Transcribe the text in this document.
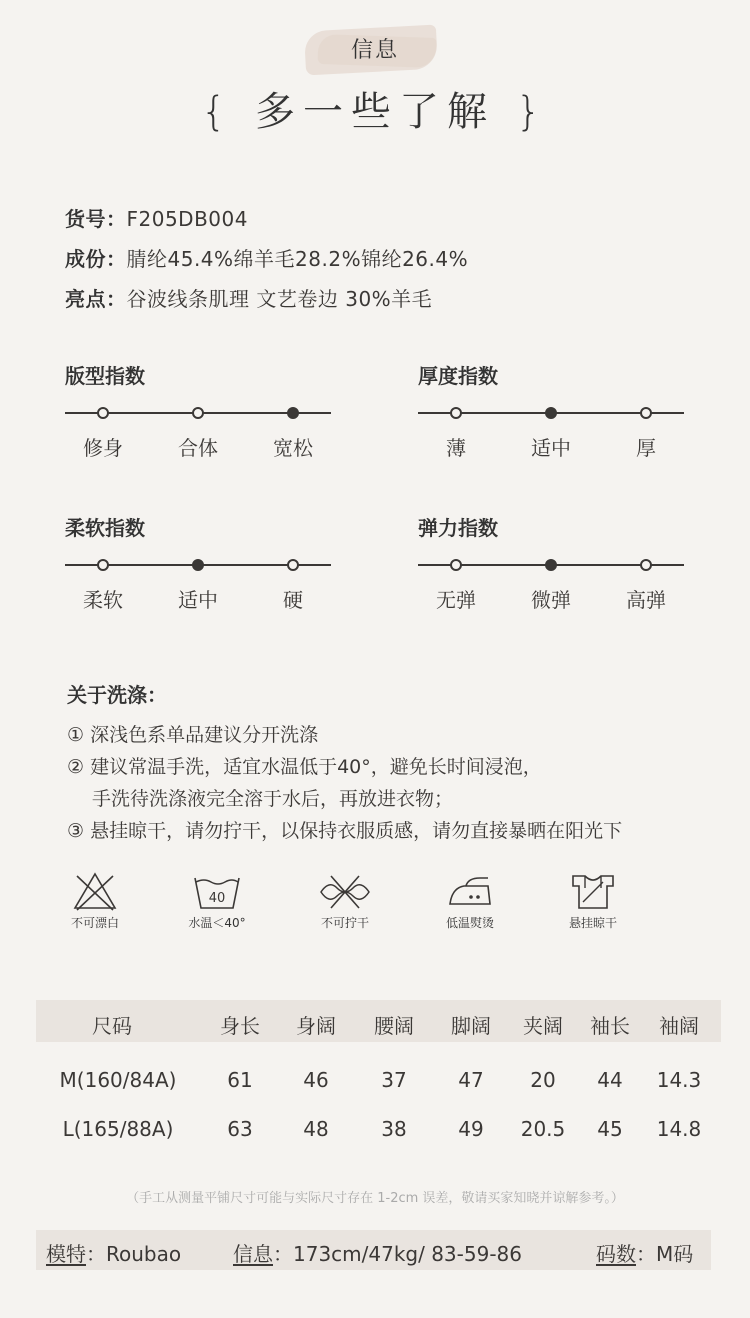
信息
{ 多一些了解 }
货号：F205DB004
成份：腈纶45.4%绵羊毛28.2%锦纶26.4%
亮点：谷波线条肌理 文艺卷边 30%羊毛
版型指数
修身	合体	宽松
厚度指数
薄	适中	厚
柔软指数
柔软	适中	硬
弹力指数
无弹	微弹	高弹
关于洗涤：
① 深浅色系单品建议分开洗涤
② 建议常温手洗，适宜水温低于40°，避免长时间浸泡，
手洗待洗涤液完全溶于水后，再放进衣物；
③ 悬挂晾干，请勿拧干，以保持衣服质感，请勿直接暴晒在阳光下
不可漂白
40
水温＜40°	不可拧干	低温熨烫	悬挂晾干
尺码	身长	身阔	腰阔	脚阔	夹阔	袖长	袖阔
M(160/84A)	61	46	37	47	20	44	14.3
L(165/88A)	63	48	38	49	20.5	45	14.8
（手工从测量平铺尺寸可能与实际尺寸存在 1-2cm 误差，敬请买家知晓并谅解参考。）
模特：Roubao	信息：173cm/47kg/ 83-59-86	码数：M码
